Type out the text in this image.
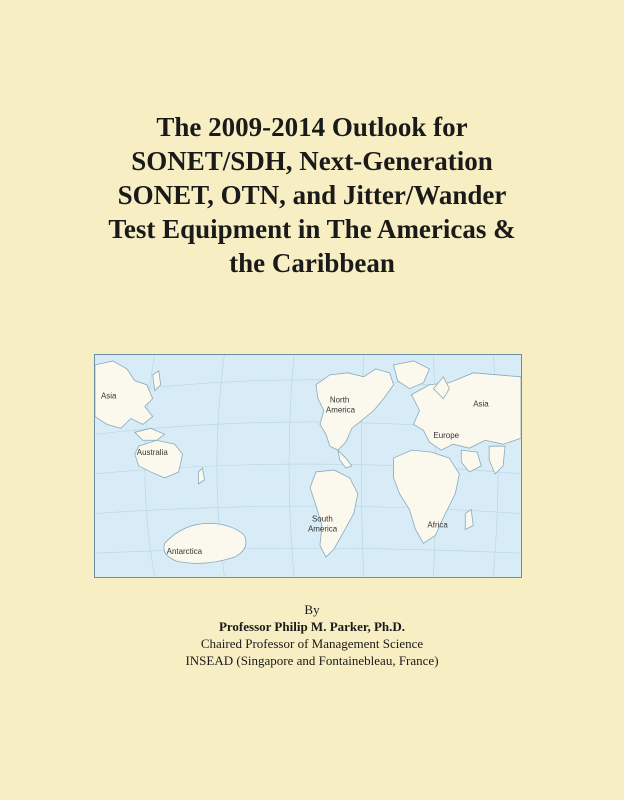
The 2009-2014 Outlook for
SONET/SDH, Next-Generation
SONET, OTN, and Jitter/Wander
Test Equipment in The Americas &
the Caribbean
Asia
Australia
Antarctica
North
America
South
America
Asia
Europe
Africa
By
Professor Philip M. Parker, Ph.D.
Chaired Professor of Management Science
INSEAD (Singapore and Fontainebleau, France)
